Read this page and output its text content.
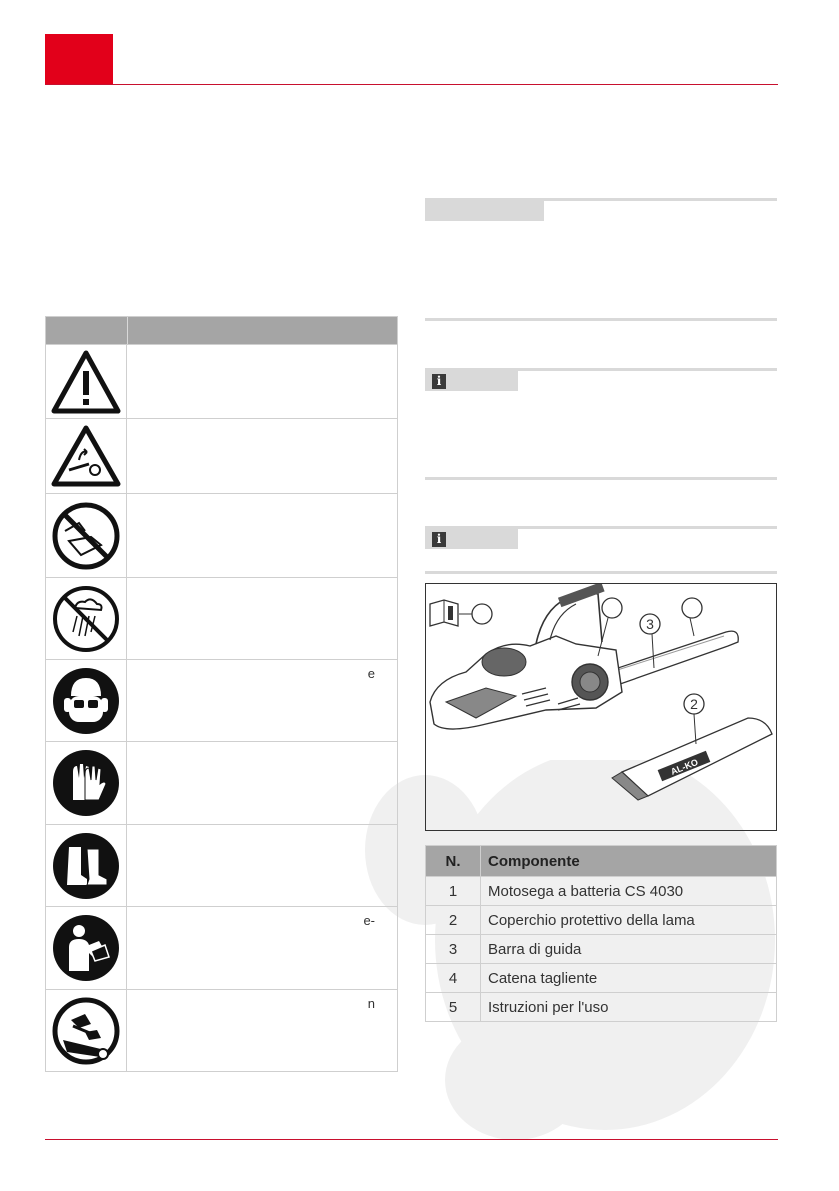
e
e-
n
i
i
3
AL-KO
2
N.	Componente
1	Motosega a batteria CS 4030
2	Coperchio protettivo della lama
3	Barra di guida
4	Catena tagliente
5	Istruzioni per l'uso
